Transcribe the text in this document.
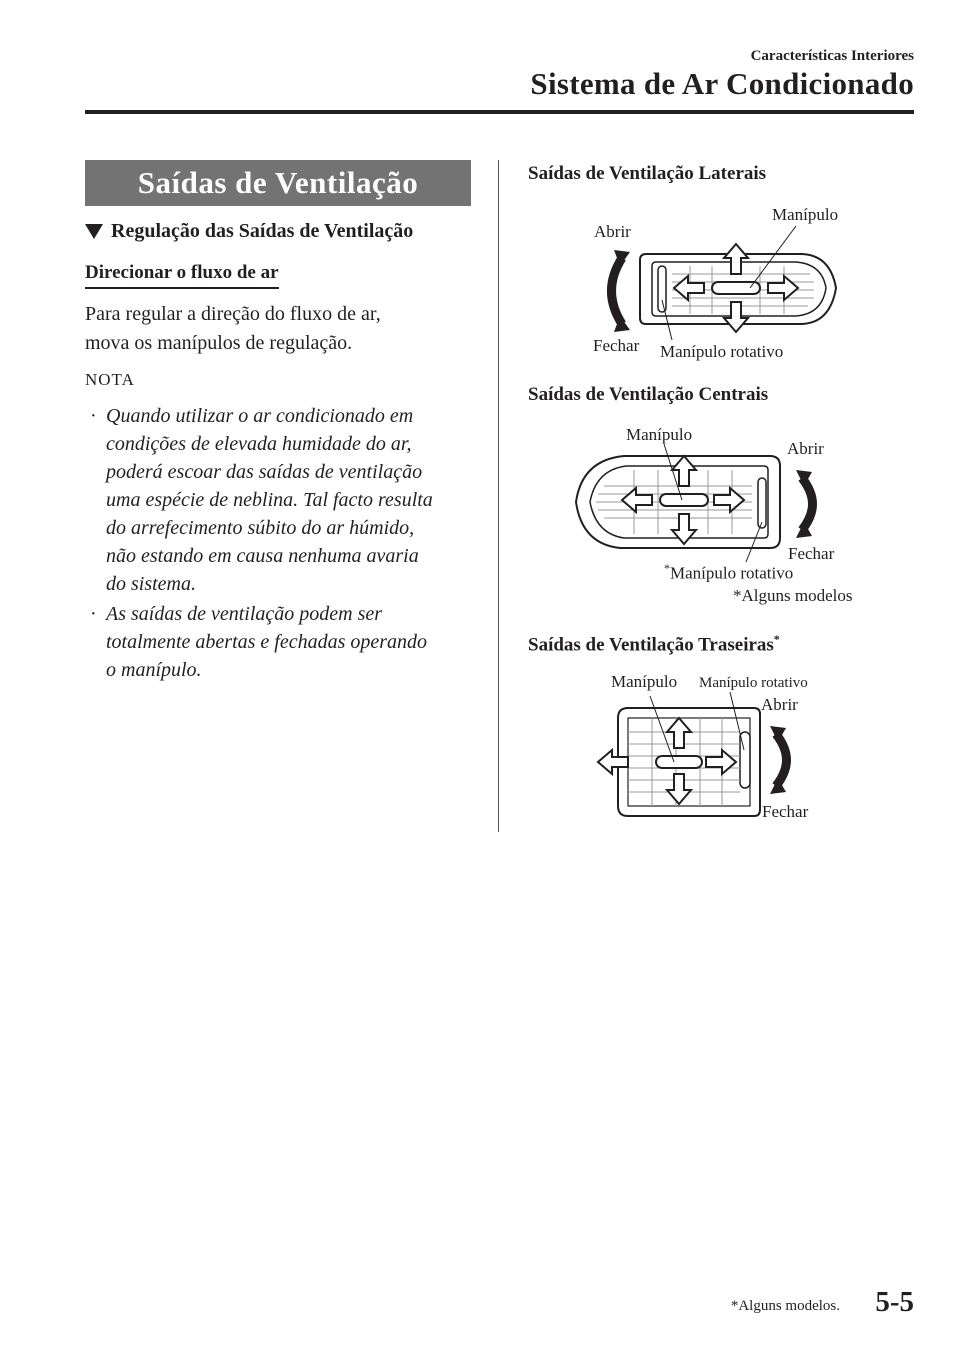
Características Interiores
Sistema de Ar Condicionado
Saídas de Ventilação
Regulação das Saídas de Ventilação
Direcionar o fluxo de ar
Para regular a direção do fluxo de ar,
mova os manípulos de regulação.
NOTA
· Quando utilizar o ar condicionado em
condições de elevada humidade do ar,
poderá escoar das saídas de ventilação
uma espécie de neblina. Tal facto resulta
do arrefecimento súbito do ar húmido,
não estando em causa nenhuma avaria
do sistema.
· As saídas de ventilação podem ser
totalmente abertas e fechadas operando
o manípulo.
Saídas de Ventilação Laterais
Abrir
Manípulo
Fechar Manípulo rotativo
Saídas de Ventilação Centrais
Manípulo
Abrir
Fechar
*Manípulo rotativo
*Alguns modelos
Saídas de Ventilação Traseiras*
Manípulo Manípulo rotativo
Abrir
Fechar
*Alguns modelos. 5-5
